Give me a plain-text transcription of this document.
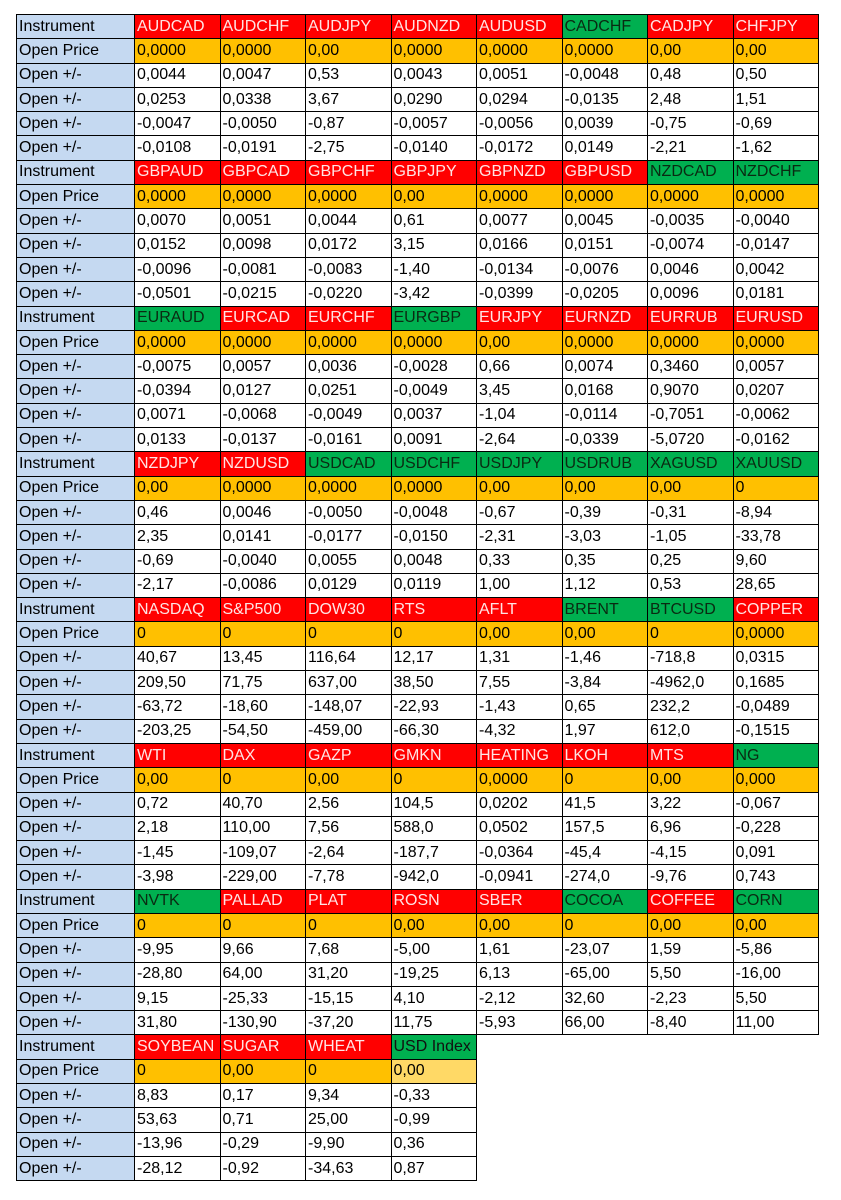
Instrument	AUDCAD	AUDCHF	AUDJPY	AUDNZD	AUDUSD	CADCHF	CADJPY	CHFJPY
Open Price	0,0000	0,0000	0,00	0,0000	0,0000	0,0000	0,00	0,00
Open +/-	0,0044	0,0047	0,53	0,0043	0,0051	-0,0048	0,48	0,50
Open +/-	0,0253	0,0338	3,67	0,0290	0,0294	-0,0135	2,48	1,51
Open +/-	-0,0047	-0,0050	-0,87	-0,0057	-0,0056	0,0039	-0,75	-0,69
Open +/-	-0,0108	-0,0191	-2,75	-0,0140	-0,0172	0,0149	-2,21	-1,62
Instrument	GBPAUD	GBPCAD	GBPCHF	GBPJPY	GBPNZD	GBPUSD	NZDCAD	NZDCHF
Open Price	0,0000	0,0000	0,0000	0,00	0,0000	0,0000	0,0000	0,0000
Open +/-	0,0070	0,0051	0,0044	0,61	0,0077	0,0045	-0,0035	-0,0040
Open +/-	0,0152	0,0098	0,0172	3,15	0,0166	0,0151	-0,0074	-0,0147
Open +/-	-0,0096	-0,0081	-0,0083	-1,40	-0,0134	-0,0076	0,0046	0,0042
Open +/-	-0,0501	-0,0215	-0,0220	-3,42	-0,0399	-0,0205	0,0096	0,0181
Instrument	EURAUD	EURCAD	EURCHF	EURGBP	EURJPY	EURNZD	EURRUB	EURUSD
Open Price	0,0000	0,0000	0,0000	0,0000	0,00	0,0000	0,0000	0,0000
Open +/-	-0,0075	0,0057	0,0036	-0,0028	0,66	0,0074	0,3460	0,0057
Open +/-	-0,0394	0,0127	0,0251	-0,0049	3,45	0,0168	0,9070	0,0207
Open +/-	0,0071	-0,0068	-0,0049	0,0037	-1,04	-0,0114	-0,7051	-0,0062
Open +/-	0,0133	-0,0137	-0,0161	0,0091	-2,64	-0,0339	-5,0720	-0,0162
Instrument	NZDJPY	NZDUSD	USDCAD	USDCHF	USDJPY	USDRUB	XAGUSD	XAUUSD
Open Price	0,00	0,0000	0,0000	0,0000	0,00	0,00	0,00	0
Open +/-	0,46	0,0046	-0,0050	-0,0048	-0,67	-0,39	-0,31	-8,94
Open +/-	2,35	0,0141	-0,0177	-0,0150	-2,31	-3,03	-1,05	-33,78
Open +/-	-0,69	-0,0040	0,0055	0,0048	0,33	0,35	0,25	9,60
Open +/-	-2,17	-0,0086	0,0129	0,0119	1,00	1,12	0,53	28,65
Instrument	NASDAQ	S&P500	DOW30	RTS	AFLT	BRENT	BTCUSD	COPPER
Open Price	0	0	0	0	0,00	0,00	0	0,0000
Open +/-	40,67	13,45	116,64	12,17	1,31	-1,46	-718,8	0,0315
Open +/-	209,50	71,75	637,00	38,50	7,55	-3,84	-4962,0	0,1685
Open +/-	-63,72	-18,60	-148,07	-22,93	-1,43	0,65	232,2	-0,0489
Open +/-	-203,25	-54,50	-459,00	-66,30	-4,32	1,97	612,0	-0,1515
Instrument	WTI	DAX	GAZP	GMKN	HEATING	LKOH	MTS	NG
Open Price	0,00	0	0,00	0	0,0000	0	0,00	0,000
Open +/-	0,72	40,70	2,56	104,5	0,0202	41,5	3,22	-0,067
Open +/-	2,18	110,00	7,56	588,0	0,0502	157,5	6,96	-0,228
Open +/-	-1,45	-109,07	-2,64	-187,7	-0,0364	-45,4	-4,15	0,091
Open +/-	-3,98	-229,00	-7,78	-942,0	-0,0941	-274,0	-9,76	0,743
Instrument	NVTK	PALLAD	PLAT	ROSN	SBER	COCOA	COFFEE	CORN
Open Price	0	0	0	0,00	0,00	0	0,00	0,00
Open +/-	-9,95	9,66	7,68	-5,00	1,61	-23,07	1,59	-5,86
Open +/-	-28,80	64,00	31,20	-19,25	6,13	-65,00	5,50	-16,00
Open +/-	9,15	-25,33	-15,15	4,10	-2,12	32,60	-2,23	5,50
Open +/-	31,80	-130,90	-37,20	11,75	-5,93	66,00	-8,40	11,00
Instrument	SOYBEAN	SUGAR	WHEAT	USD Index				
Open Price	0	0,00	0	0,00				
Open +/-	8,83	0,17	9,34	-0,33				
Open +/-	53,63	0,71	25,00	-0,99				
Open +/-	-13,96	-0,29	-9,90	0,36				
Open +/-	-28,12	-0,92	-34,63	0,87				
